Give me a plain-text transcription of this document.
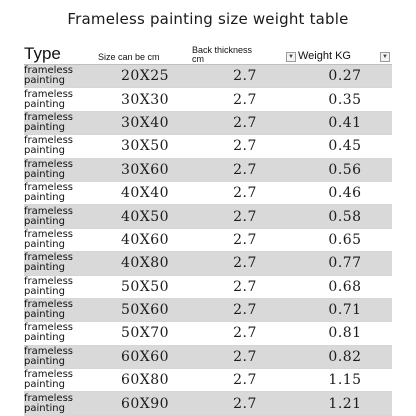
Frameless painting size weight table
Type	Size can be cm	Back thickness
cm ▼	Weight KG ▼

frameless
painting	20X25	2.7	0.27

frameless
painting	30X30	2.7	0.35

frameless
painting	30X40	2.7	0.41

frameless
painting	30X50	2.7	0.45

frameless
painting	30X60	2.7	0.56

frameless
painting	40X40	2.7	0.46

frameless
painting	40X50	2.7	0.58

frameless
painting	40X60	2.7	0.65

frameless
painting	40X80	2.7	0.77

frameless
painting	50X50	2.7	0.68

frameless
painting	50X60	2.7	0.71

frameless
painting	50X70	2.7	0.81

frameless
painting	60X60	2.7	0.82

frameless
painting	60X80	2.7	1.15

frameless
painting	60X90	2.7	1.21
